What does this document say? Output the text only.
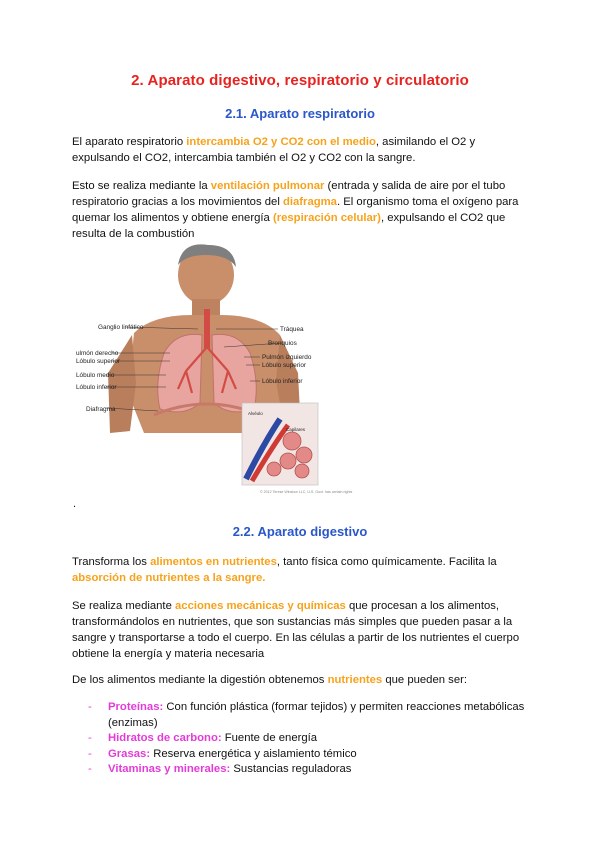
2. Aparato digestivo, respiratorio y circulatorio
2.1. Aparato respiratorio

El aparato respiratorio intercambia O2 y CO2 con el medio, asimilando el O2 y expulsando el CO2, intercambia también el O2 y CO2 con la sangre.

Esto se realiza mediante la ventilación pulmonar (entrada y salida de aire por el tubo respiratorio gracias a los movimientos del diafragma. El organismo toma el oxígeno para quemar los alimentos y obtiene energía (respiración celular), expulsando el CO2 que resulta de la combustión

Ganglio linfático
ulmón derecho
Lóbulo superior
Lóbulo medio
Lóbulo inferior
Diafragma
Tráquea
Bronquios
Pulmón izquierdo
Lóbulo superior
Lóbulo inferior
Alvéolo
Capilares
© 2012 Terese Winslow LLC, U.S. Govt. has certain rights
.
2.2. Aparato digestivo

Transforma los alimentos en nutrientes, tanto física como químicamente. Facilita la absorción de nutrientes a la sangre.

Se realiza mediante acciones mecánicas y químicas que procesan a los alimentos, transformándolos en nutrientes, que son sustancias más simples que pueden pasar a la sangre y transportarse a todo el cuerpo. En las células a partir de los nutrientes el cuerpo obtiene la energía y materia necesaria

De los alimentos mediante la digestión obtenemos nutrientes que pueden ser:

- Proteínas: Con función plástica (formar tejidos) y permiten reacciones metabólicas (enzimas)
- Hidratos de carbono: Fuente de energía
- Grasas: Reserva energética y aislamiento témico
- Vitaminas y minerales: Sustancias reguladoras
